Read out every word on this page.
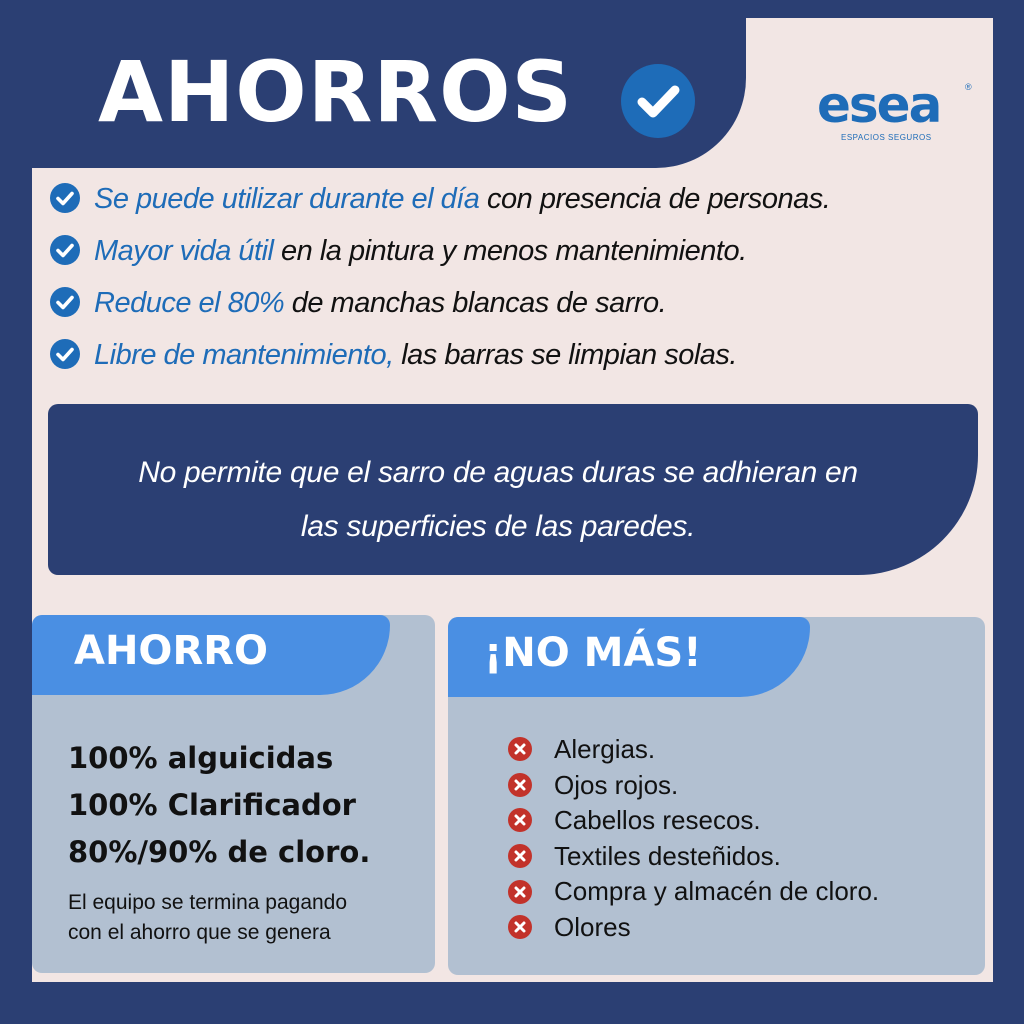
AHORROS	esea	®
ESPACIOS SEGUROS
Se puede utilizar durante el día con presencia de personas.
Mayor vida útil en la pintura y menos mantenimiento.
Reduce el 80% de manchas blancas de sarro.
Libre de mantenimiento, las barras se limpian solas.
No permite que el sarro de aguas duras se adhieran en
las superficies de las paredes.
AHORRO
100% alguicidas
100% Clarificador
80%/90% de cloro.
El equipo se termina pagando
con el ahorro que se genera
¡NO MÁS!
Alergias.
Ojos rojos.
Cabellos resecos.
Textiles desteñidos.
Compra y almacén de cloro.
Olores
